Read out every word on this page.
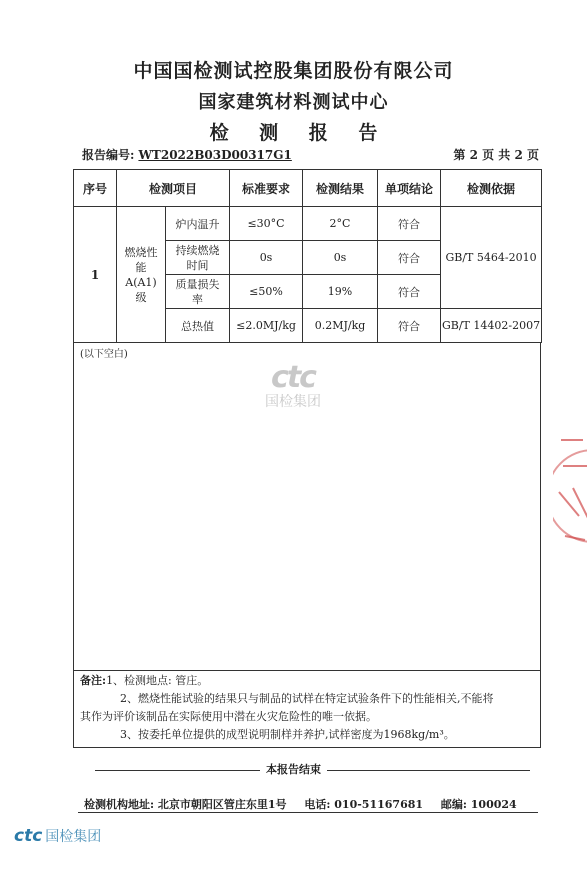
中国国检测试控股集团股份有限公司
国家建筑材料测试中心
检 测 报 告
报告编号: WT2022B03D00317G1	第 2 页 共 2 页
序号	检测项目		标准要求	检测结果	单项结论	检测依据
1	燃烧性能A(A1)级	炉内温升	≤30°C	2°C	符合	GB/T 5464-2010
		持续燃烧时间	0s	0s	符合	
		质量损失率	≤50%	19%	符合	
		总热值	≤2.0MJ/kg	0.2MJ/kg	符合	GB/T 14402-2007
(以下空白)
ctc
国检集团
备注:1、检测地点: 管庄。
2、燃烧性能试验的结果只与制品的试样在特定试验条件下的性能相关,不能将
其作为评价该制品在实际使用中潜在火灾危险性的唯一依据。
3、按委托单位提供的成型说明制样并养护,试样密度为1968kg/m³。
本报告结束
检测机构地址: 北京市朝阳区管庄东里1号 电话: 010-51167681 邮编: 100024
ctc 国检集团
